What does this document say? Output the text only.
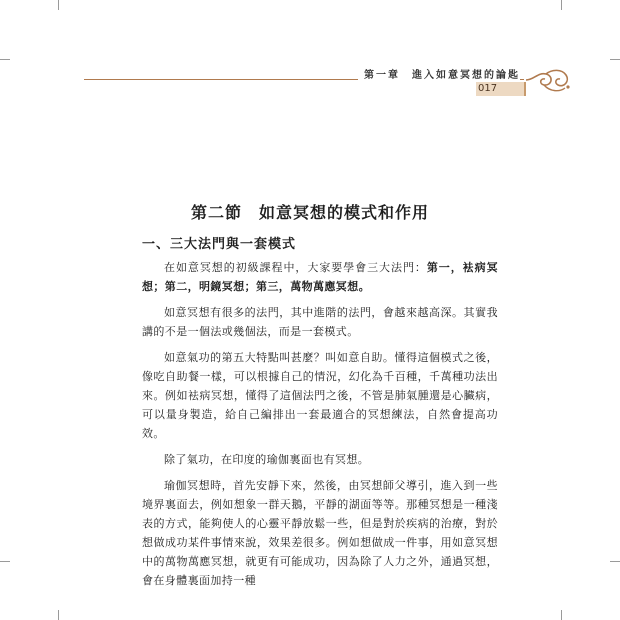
第一章　進入如意冥想的論匙
017
第二節　如意冥想的模式和作用
一、三大法門與一套模式

在如意冥想的初級課程中，大家要學會三大法門：第一，袪病冥想；第二，明鏡冥想；第三，萬物萬應冥想。

如意冥想有很多的法門，其中進階的法門，會越來越高深。其實我講的不是一個法或幾個法，而是一套模式。

如意氣功的第五大特點叫甚麼？叫如意自助。懂得這個模式之後，像吃自助餐一樣，可以根據自己的情況，幻化為千百種，千萬種功法出來。例如袪病冥想，懂得了這個法門之後，不管是肺氣腫還是心臟病，可以量身製造，給自己編排出一套最適合的冥想練法，自然會提高功效。

除了氣功，在印度的瑜伽裏面也有冥想。

瑜伽冥想時，首先安靜下來，然後，由冥想師父導引，進入到一些境界裏面去，例如想象一群天鵝，平靜的湖面等等。那種冥想是一種淺表的方式，能夠使人的心靈平靜放鬆一些，但是對於疾病的治療，對於想做成功某件事情來說，效果差很多。例如想做成一件事，用如意冥想中的萬物萬應冥想，就更有可能成功，因為除了人力之外，通過冥想，會在身體裏面加持一種
